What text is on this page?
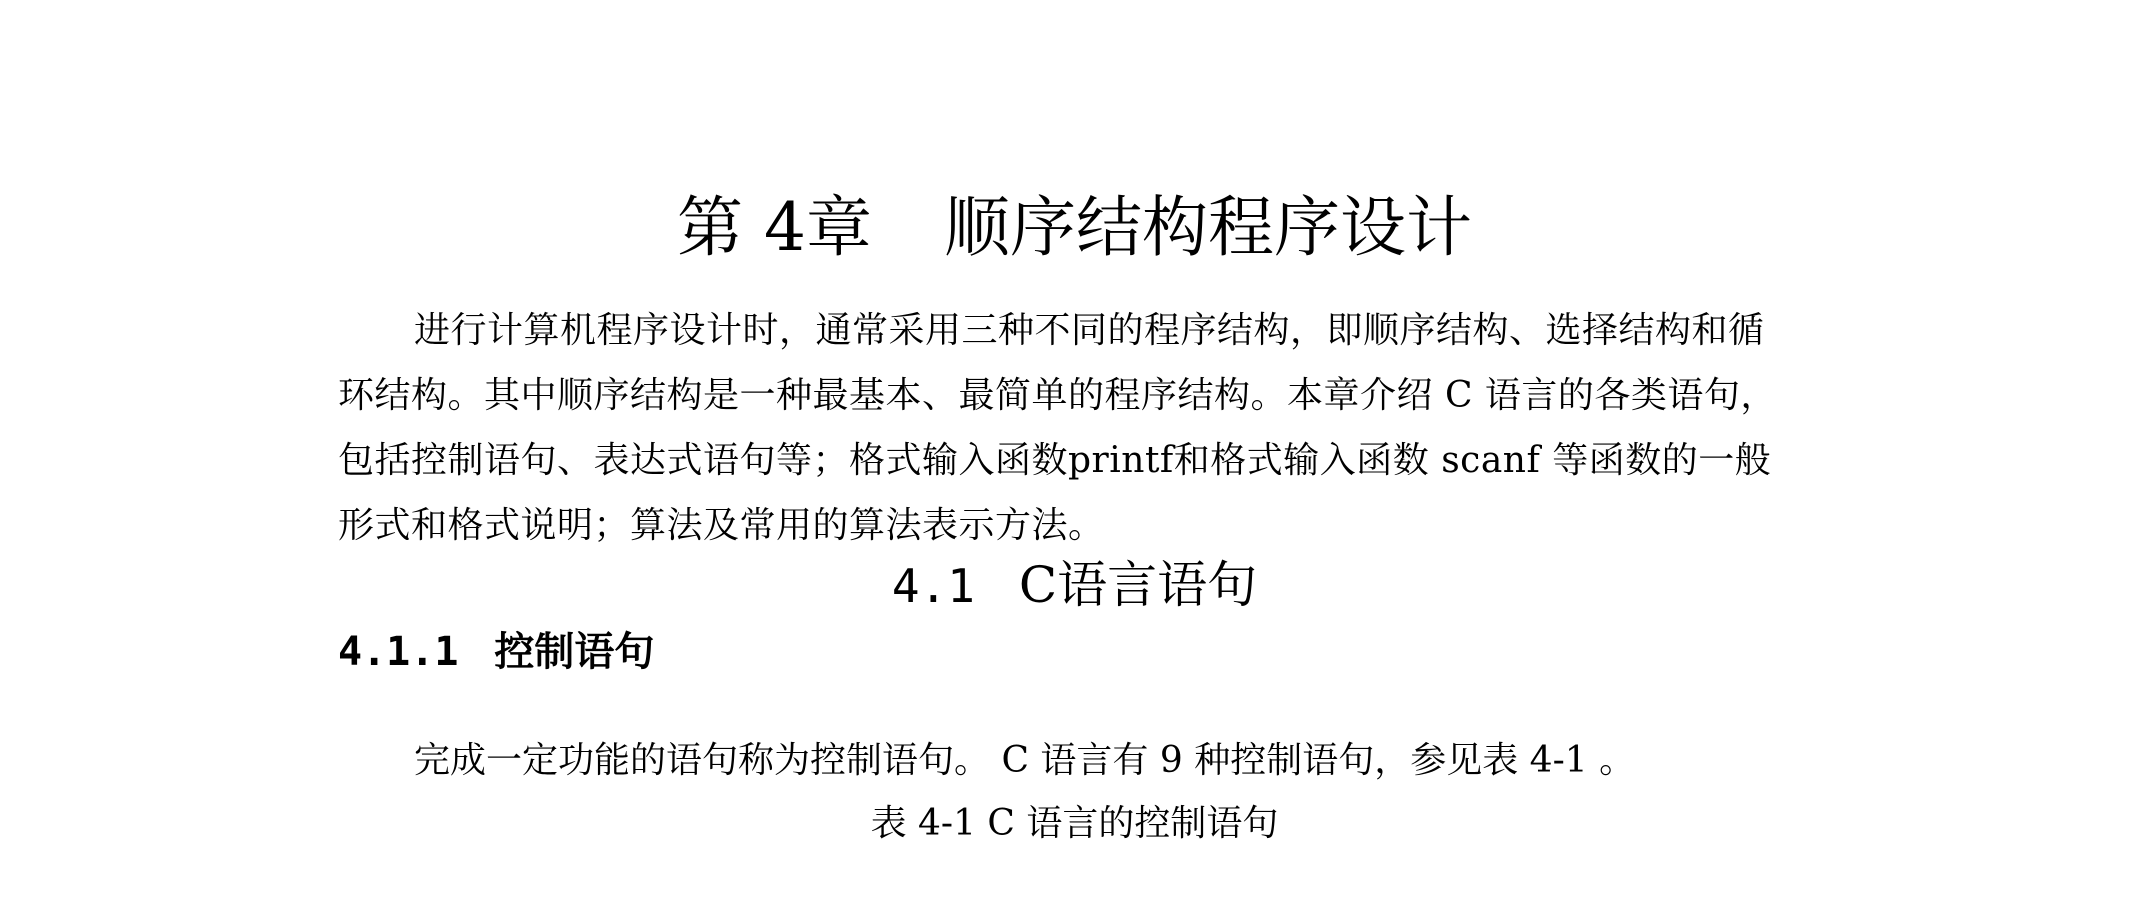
第 4章 顺序结构程序设计
进行计算机程序设计时，通常采用三种不同的程序结构，即顺序结构、选择结构和循
环结构。其中顺序结构是一种最基本、最简单的程序结构。本章介绍 C 语言的各类语句，
包括控制语句、表达式语句等；格式输入函数printf和格式输入函数 scanf 等函数的一般
形式和格式说明；算法及常用的算法表示方法。
4.1 C语言语句
4.1.1 控制语句
完成一定功能的语句称为控制语句。 C 语言有 9 种控制语句，参见表 4-1 。
表 4-1 C 语言的控制语句
